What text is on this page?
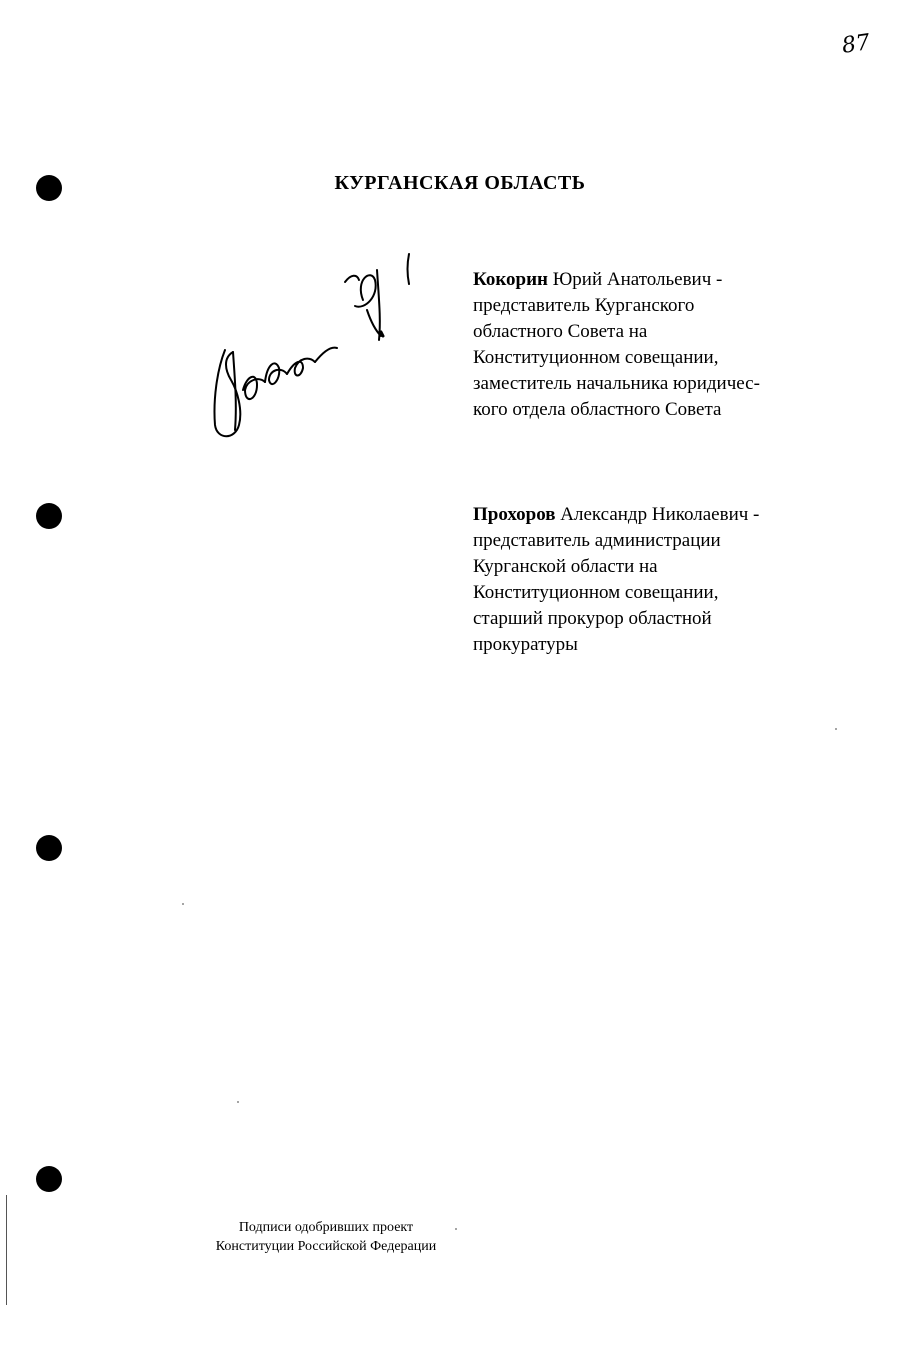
87
КУРГАНСКАЯ ОБЛАСТЬ
Кокорин Юрий Анатольевич -
представитель Курганского
областного Совета на
Конституционном совещании,
заместитель начальника юридичес-
кого отдела областного Совета
Прохоров Александр Николаевич -
представитель администрации
Курганской области на
Конституционном совещании,
старший прокурор областной
прокуратуры
Подписи одобривших проект
Конституции Российской Федерации
